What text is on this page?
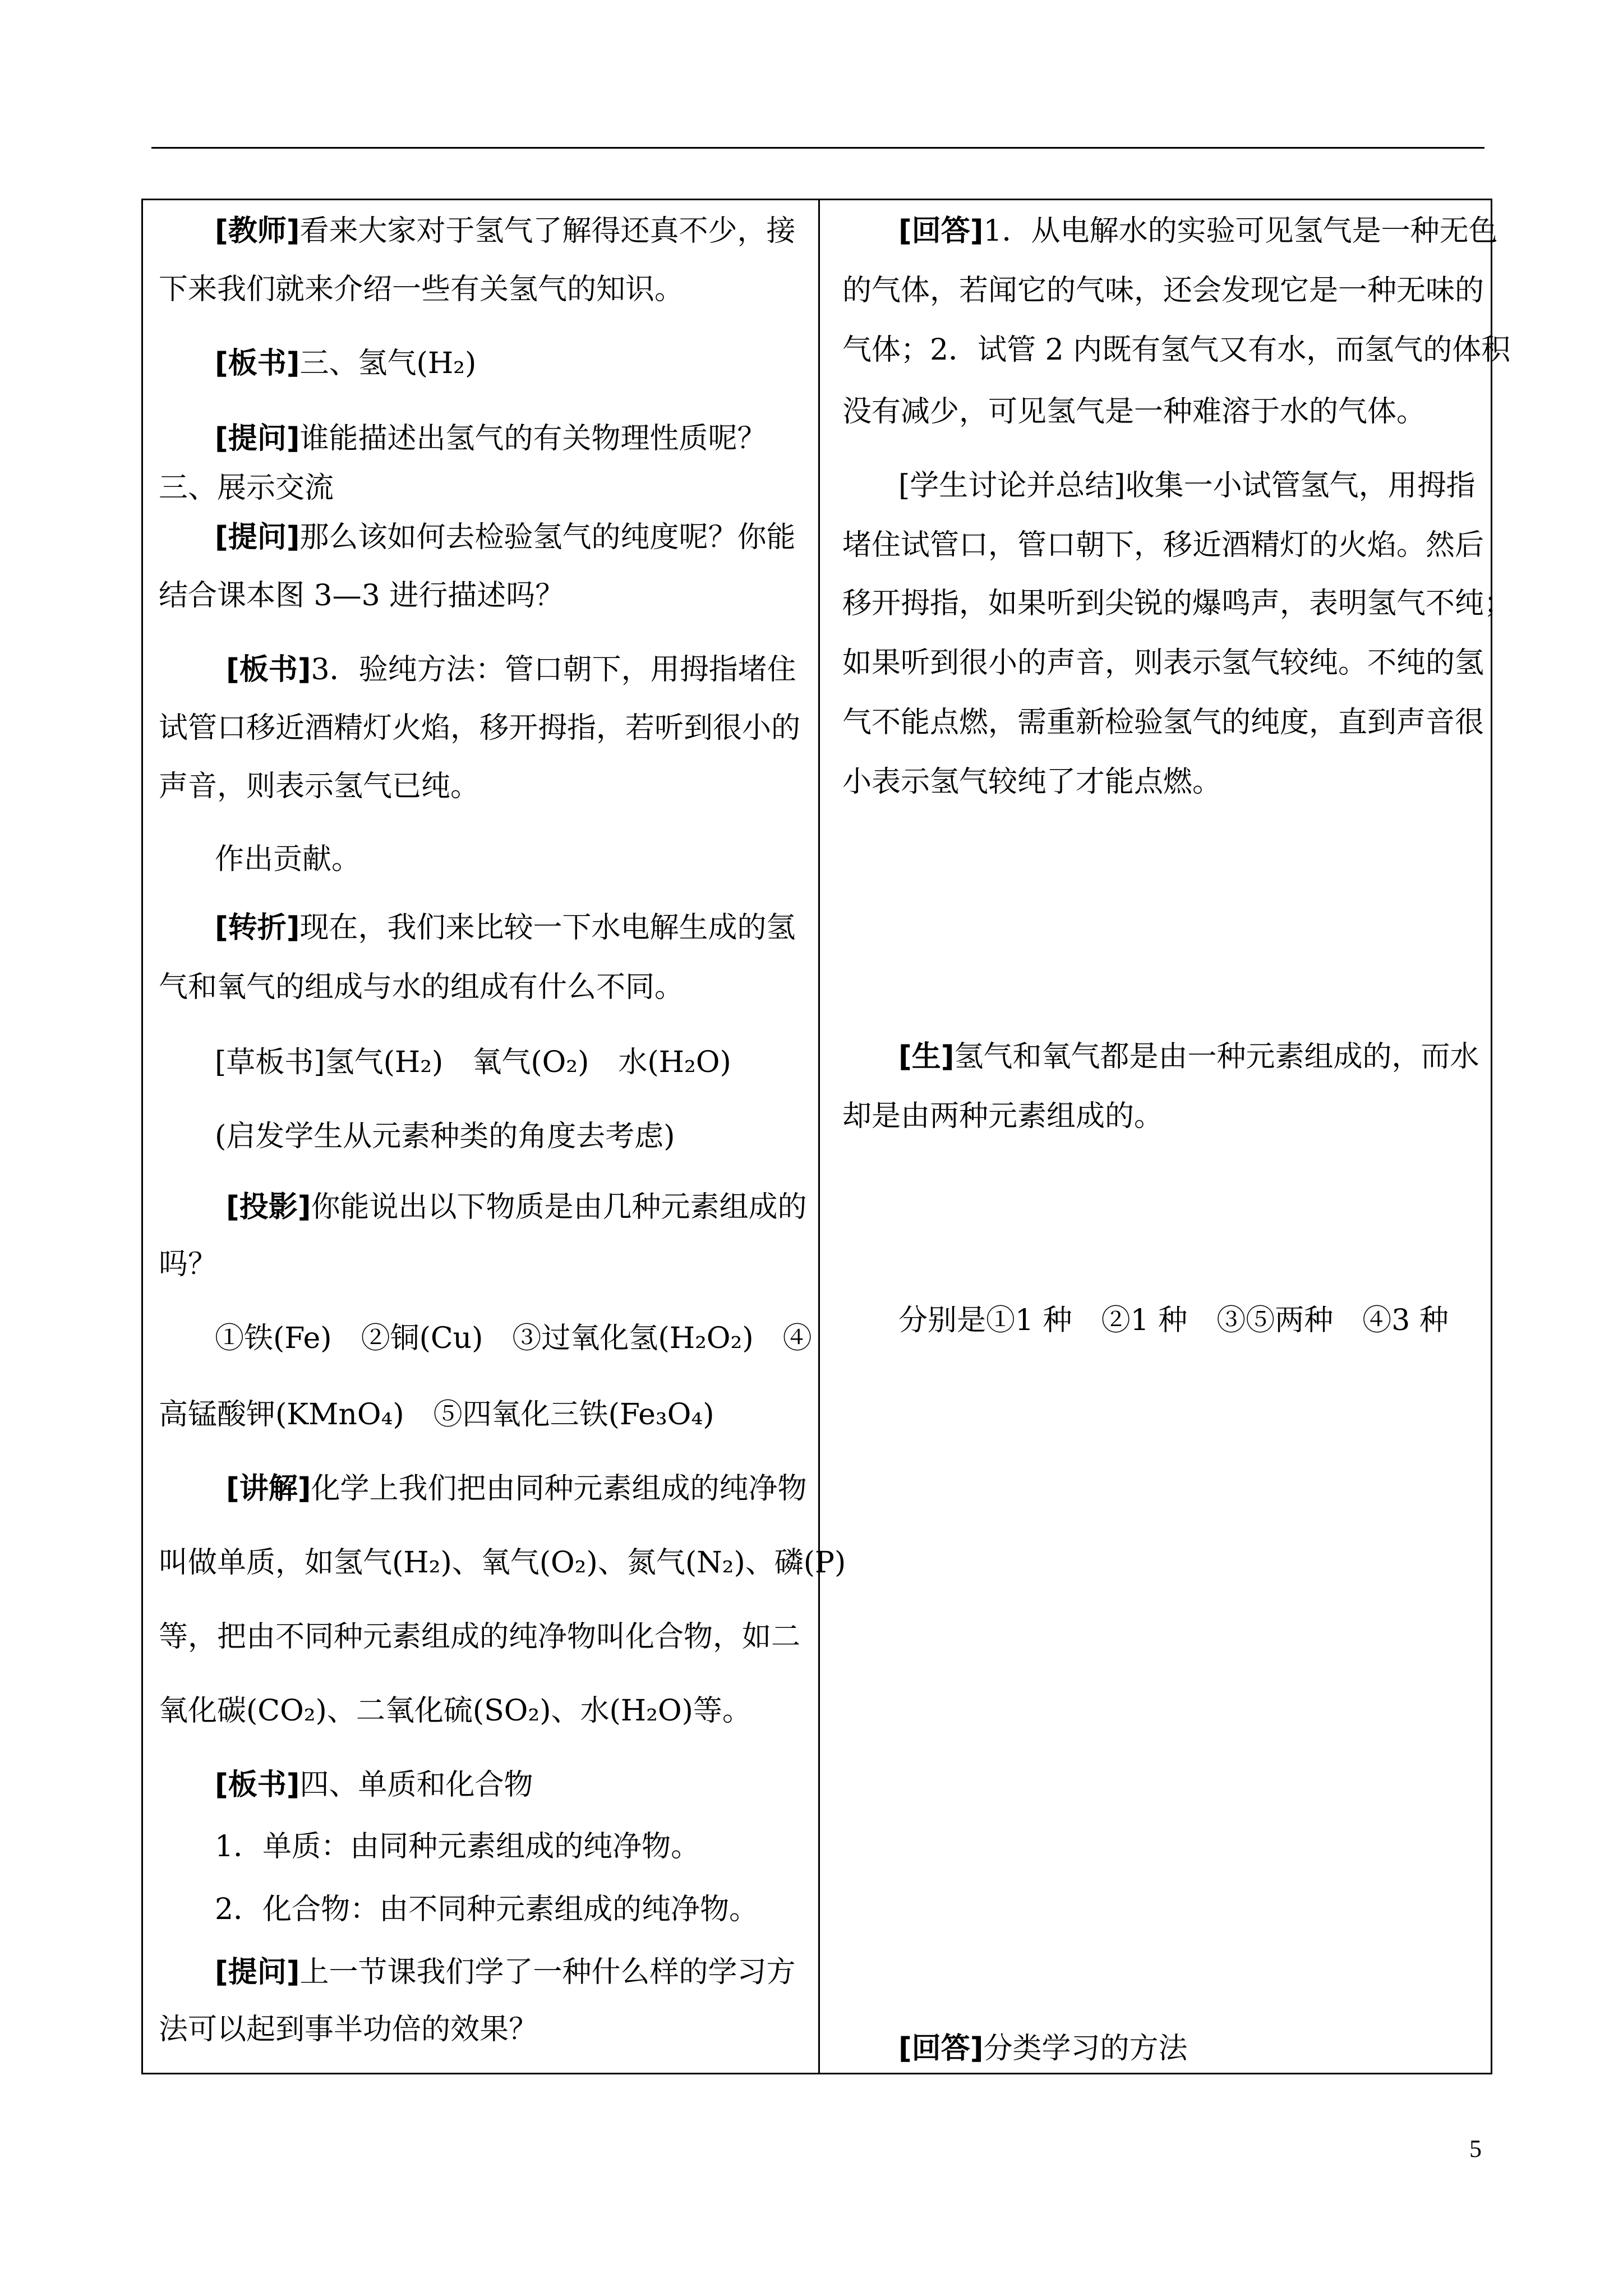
[教师]看来大家对于氢气了解得还真不少，接
下来我们就来介绍一些有关氢气的知识。
[板书]三、氢气(H₂)
[提问]谁能描述出氢气的有关物理性质呢？
三、展示交流
[提问]那么该如何去检验氢气的纯度呢？你能
结合课本图 3—3 进行描述吗？
[板书]3．验纯方法：管口朝下，用拇指堵住
试管口移近酒精灯火焰，移开拇指，若听到很小的
声音，则表示氢气已纯。
作出贡献。
[转折]现在，我们来比较一下水电解生成的氢
气和氧气的组成与水的组成有什么不同。
[草板书]氢气(H₂)　氧气(O₂)　水(H₂O)
(启发学生从元素种类的角度去考虑)
[投影]你能说出以下物质是由几种元素组成的
吗？
①铁(Fe)　②铜(Cu)　③过氧化氢(H₂O₂)　④
高锰酸钾(KMnO₄)　⑤四氧化三铁(Fe₃O₄)
[讲解]化学上我们把由同种元素组成的纯净物
叫做单质，如氢气(H₂)、氧气(O₂)、氮气(N₂)、磷(P)
等，把由不同种元素组成的纯净物叫化合物，如二
氧化碳(CO₂)、二氧化硫(SO₂)、水(H₂O)等。
[板书]四、单质和化合物
1．单质：由同种元素组成的纯净物。
2．化合物：由不同种元素组成的纯净物。
[提问]上一节课我们学了一种什么样的学习方
法可以起到事半功倍的效果？
[回答]1．从电解水的实验可见氢气是一种无色
的气体，若闻它的气味，还会发现它是一种无味的
气体；2．试管 2 内既有氢气又有水，而氢气的体积
没有减少，可见氢气是一种难溶于水的气体。
[学生讨论并总结]收集一小试管氢气，用拇指
堵住试管口，管口朝下，移近酒精灯的火焰。然后
移开拇指，如果听到尖锐的爆鸣声，表明氢气不纯；
如果听到很小的声音，则表示氢气较纯。不纯的氢
气不能点燃，需重新检验氢气的纯度，直到声音很
小表示氢气较纯了才能点燃。
[生]氢气和氧气都是由一种元素组成的，而水
却是由两种元素组成的。
分别是①1 种　②1 种　③⑤两种　④3 种
[回答]分类学习的方法
5
